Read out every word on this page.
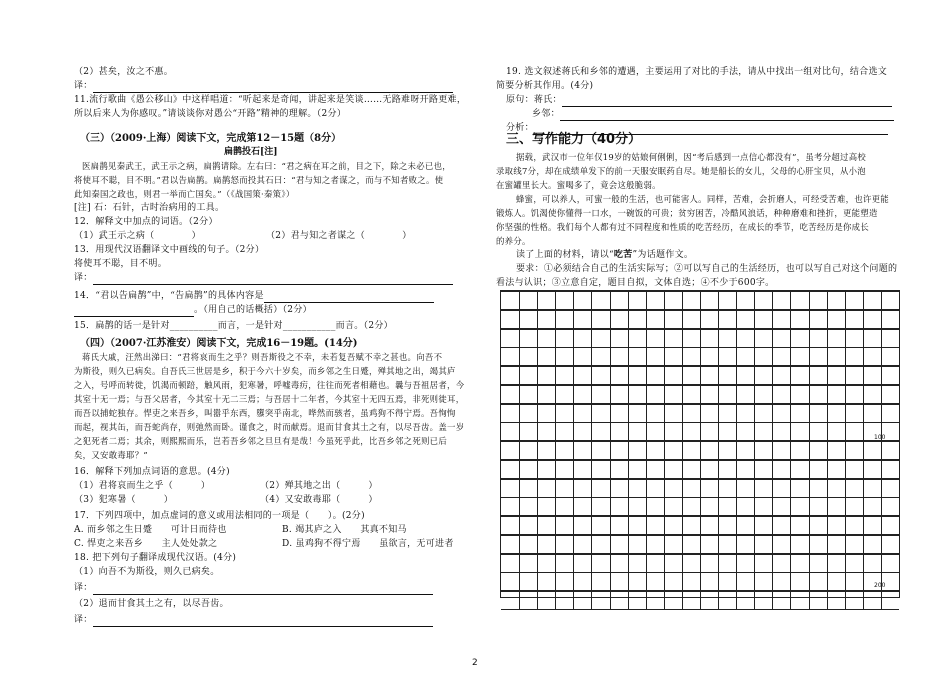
（2）甚矣，汝之不惠。
译：
11.流行歌曲《愚公移山》中这样唱道：“听起来是奇闻，讲起来是笑谈……无路难呀开路更难，
所以后来人为你感叹。”请谈谈你对愚公“开路”精神的理解。（2分）
（三）（2009·上海）阅读下文，完成第12－15题（8分）
扁鹊投石[注]
医扁鹊见秦武王，武王示之病，扁鹊请除。左右曰：“君之病在耳之前，目之下，除之未必已也，
将使耳不聪，目不明。”君以告扁鹊。扁鹊怒而投其石曰：“君与知之者谋之，而与不知者败之。使
此知秦国之政也，则君一举而亡国矣。”（《战国策·秦策》）
[注] 石：石针，古时治病用的工具。
12．解释文中加点的词语。（2分）
（1）武王示之病（　　　　）	（2）君与知之者谋之（　　　　）
13．用现代汉语翻译文中画线的句子。（2分）
将使耳不聪，目不明。
译：
14．“君以告扁鹊”中，“告扁鹊”的具体内容是
。（用自己的话概括）（2分）
15．扁鹊的话一是针对__________而言，一是针对___________而言。（2分）
（四）（2007·江苏淮安）阅读下文，完成16－19题。(14分)
蒋氏大戚，汪然出涕曰：“君将哀而生之乎？则吾斯役之不幸，未若复吾赋不幸之甚也。向吾不
为斯役，则久已病矣。自吾氏三世居是乡，积于今六十岁矣，而乡邻之生日蹙，殚其地之出，竭其庐
之入，号呼而转徙，饥渴而顿踣，触风雨，犯寒暑，呼嘘毒疠，往往而死者相藉也。曩与吾祖居者，今
其室十无一焉；与吾父居者，今其室十无二三焉；与吾居十二年者，今其室十无四五焉，非死则徙耳，
而吾以捕蛇独存。悍吏之来吾乡，叫嚣乎东西，隳突乎南北，哗然而骇者，虽鸡狗不得宁焉。吾恂恂
而起，视其缶，而吾蛇尚存，则弛然而卧。谨食之，时而献焉。退而甘食其土之有，以尽吾齿。盖一岁
之犯死者二焉；其余，则熙熙而乐，岂若吾乡邻之旦旦有是哉！今虽死乎此，比吾乡邻之死则已后
矣，又安敢毒耶？”
16．解释下列加点词语的意思。(4分)
（1）君将哀而生之乎（　　　）	（2）殚其地之出（　　　）
（3）犯寒暑（　　　）	（4）又安敢毒耶（　　　）
17．下列四项中，加点虚词的意义或用法相同的一项是（　　）。(2分)
A. 而乡邻之生日蹙　　可计日而待也	B. 竭其庐之入　　其真不知马
C. 悍吏之来吾乡　　主人处处款之	D. 虽鸡狗不得宁焉　　虽欲言，无可进者
18. 把下列句子翻译成现代汉语。(4分)
（1）向吾不为斯役，则久已病矣。
译：
（2）退而甘食其土之有，以尽吾齿。
译：
19. 选文叙述蒋氏和乡邻的遭遇，主要运用了对比的手法，请从中找出一组对比句，结合选文
简要分析其作用。(4分)
原句：蒋氏：
乡邻：
分析：
三、写作能力（40分）
据载，武汉市一位年仅19岁的姑娘何俐俐，因“考后感到一点信心都没有”，虽考分超过高校
录取线7分，却在成绩单发下的前一天服安眠药自尽。她是船长的女儿，父母的心肝宝贝，从小泡
在蜜罐里长大。蜜喝多了，竟会这般脆弱。
蜂蜜，可以养人，可蜜一般的生活，也可能害人。同样，苦难，会折磨人，可经受苦难，也许更能
锻炼人。饥渴使你懂得一口水，一碗饭的可贵；贫穷困苦，冷酷风浪话，种种磨难和挫折，更能塑造
你坚强的性格。我们每个人都有过不同程度和性质的吃苦经历，在成长的季节，吃苦经历是你成长
的养分。
读了上面的材料，请以“吃苦”为话题作文。
要求：①必须结合自己的生活实际写；②可以写自己的生活经历，也可以写自己对这个问题的
看法与认识；③立意自定，题目自拟，文体自选；④不少于600字。
100
200
2
